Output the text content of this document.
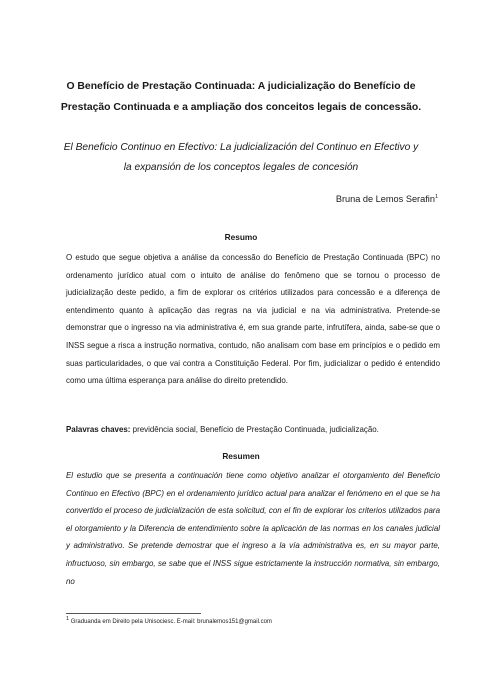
O Benefício de Prestação Continuada: A judicialização do Benefício de Prestação Continuada e a ampliação dos conceitos legais de concessão.
El Beneficio Continuo en Efectivo: La judicialización del Continuo en Efectivo y la expansión de los conceptos legales de concesión
Bruna de Lemos Serafin$^1$
Resumo

O estudo que segue objetiva a análise da concessão do Benefício de Prestação Continuada (BPC) no ordenamento jurídico atual com o intuito de análise do fenômeno que se tornou o processo de judicialização deste pedido, a fim de explorar os critérios utilizados para concessão e a diferença de entendimento quanto à aplicação das regras na via judicial e na via administrativa. Pretende-se demonstrar que o ingresso na via administrativa é, em sua grande parte, infrutífera, ainda, sabe-se que o INSS segue a risca a instrução normativa, contudo, não analisam com base em princípios e o pedido em suas particularidades, o que vai contra a Constituição Federal. Por fim, judicializar o pedido é entendido como uma última esperança para análise do direito pretendido.

Palavras chaves: previdência social, Benefício de Prestação Continuada, judicialização.
Resumen

El estudio que se presenta a continuación tiene como objetivo analizar el otorgamiento del Beneficio Continuo en Efectivo (BPC) en el ordenamiento jurídico actual para analizar el fenómeno en el que se ha convertido el proceso de judicialización de esta solicitud, con el fin de explorar los criterios utilizados para el otorgamiento y la Diferencia de entendimiento sobre la aplicación de las normas en los canales judicial y administrativo. Se pretende demostrar que el ingreso a la vía administrativa es, en su mayor parte, infructuoso, sin embargo, se sabe que el INSS sigue estrictamente la instrucción normativa, sin embargo, no

$^1$ Graduanda em Direito pela Unisociesc. E-mail: brunalemos151@gmail.com
